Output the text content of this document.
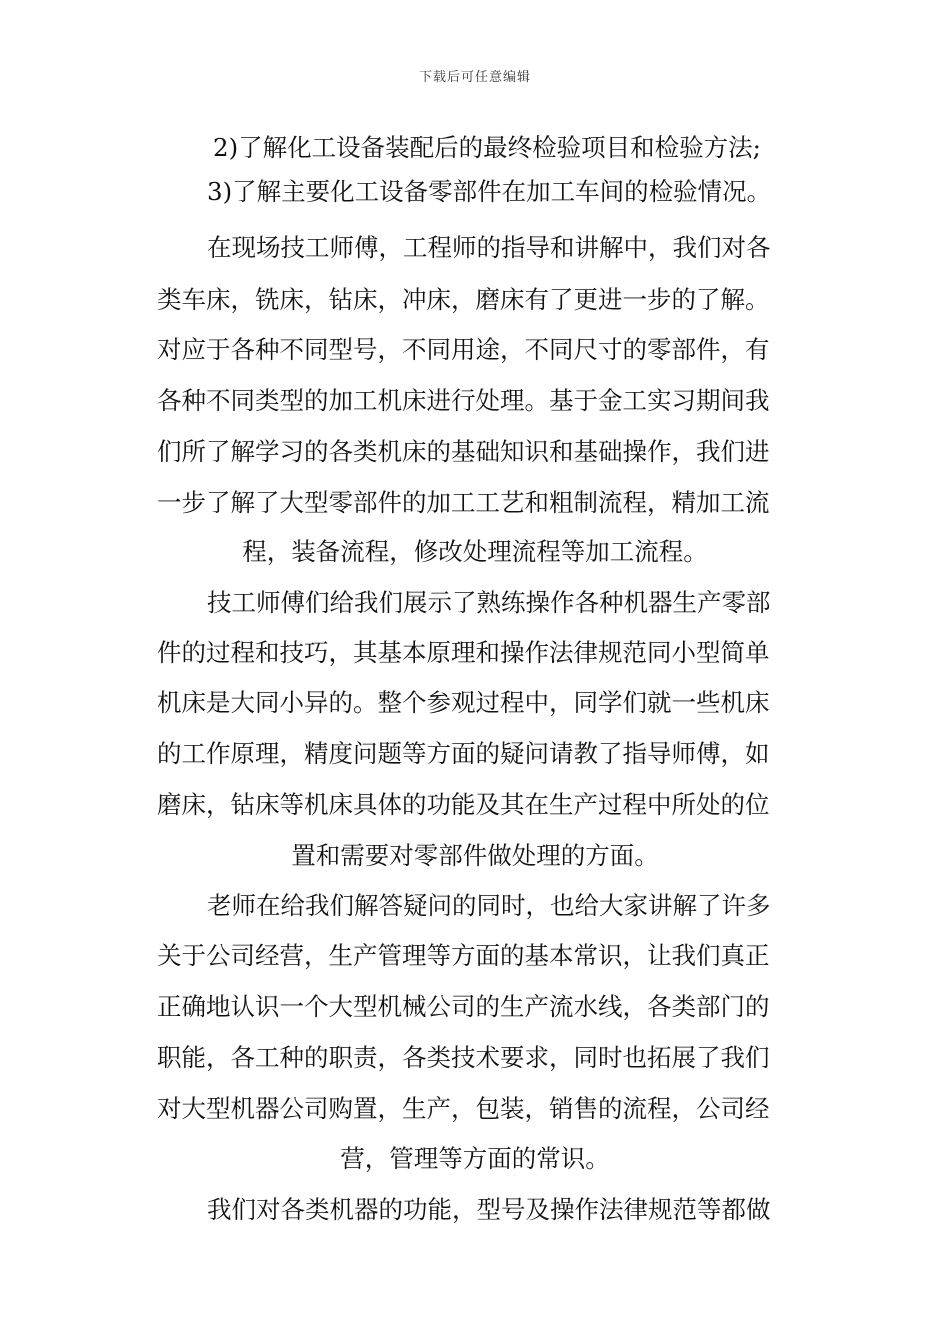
下载后可任意编辑
2)了解化工设备装配后的最终检验项目和检验方法;
3)了解主要化工设备零部件在加工车间的检验情况。
在现场技工师傅，工程师的指导和讲解中，我们对各
类车床，铣床，钻床，冲床，磨床有了更进一步的了解。
对应于各种不同型号，不同用途，不同尺寸的零部件，有
各种不同类型的加工机床进行处理。基于金工实习期间我
们所了解学习的各类机床的基础知识和基础操作，我们进
一步了解了大型零部件的加工工艺和粗制流程，精加工流
程，装备流程，修改处理流程等加工流程。
技工师傅们给我们展示了熟练操作各种机器生产零部
件的过程和技巧，其基本原理和操作法律规范同小型简单
机床是大同小异的。整个参观过程中，同学们就一些机床
的工作原理，精度问题等方面的疑问请教了指导师傅，如
磨床，钻床等机床具体的功能及其在生产过程中所处的位
置和需要对零部件做处理的方面。
老师在给我们解答疑问的同时，也给大家讲解了许多
关于公司经营，生产管理等方面的基本常识，让我们真正
正确地认识一个大型机械公司的生产流水线，各类部门的
职能，各工种的职责，各类技术要求，同时也拓展了我们
对大型机器公司购置，生产，包装，销售的流程，公司经
营，管理等方面的常识。
我们对各类机器的功能，型号及操作法律规范等都做
